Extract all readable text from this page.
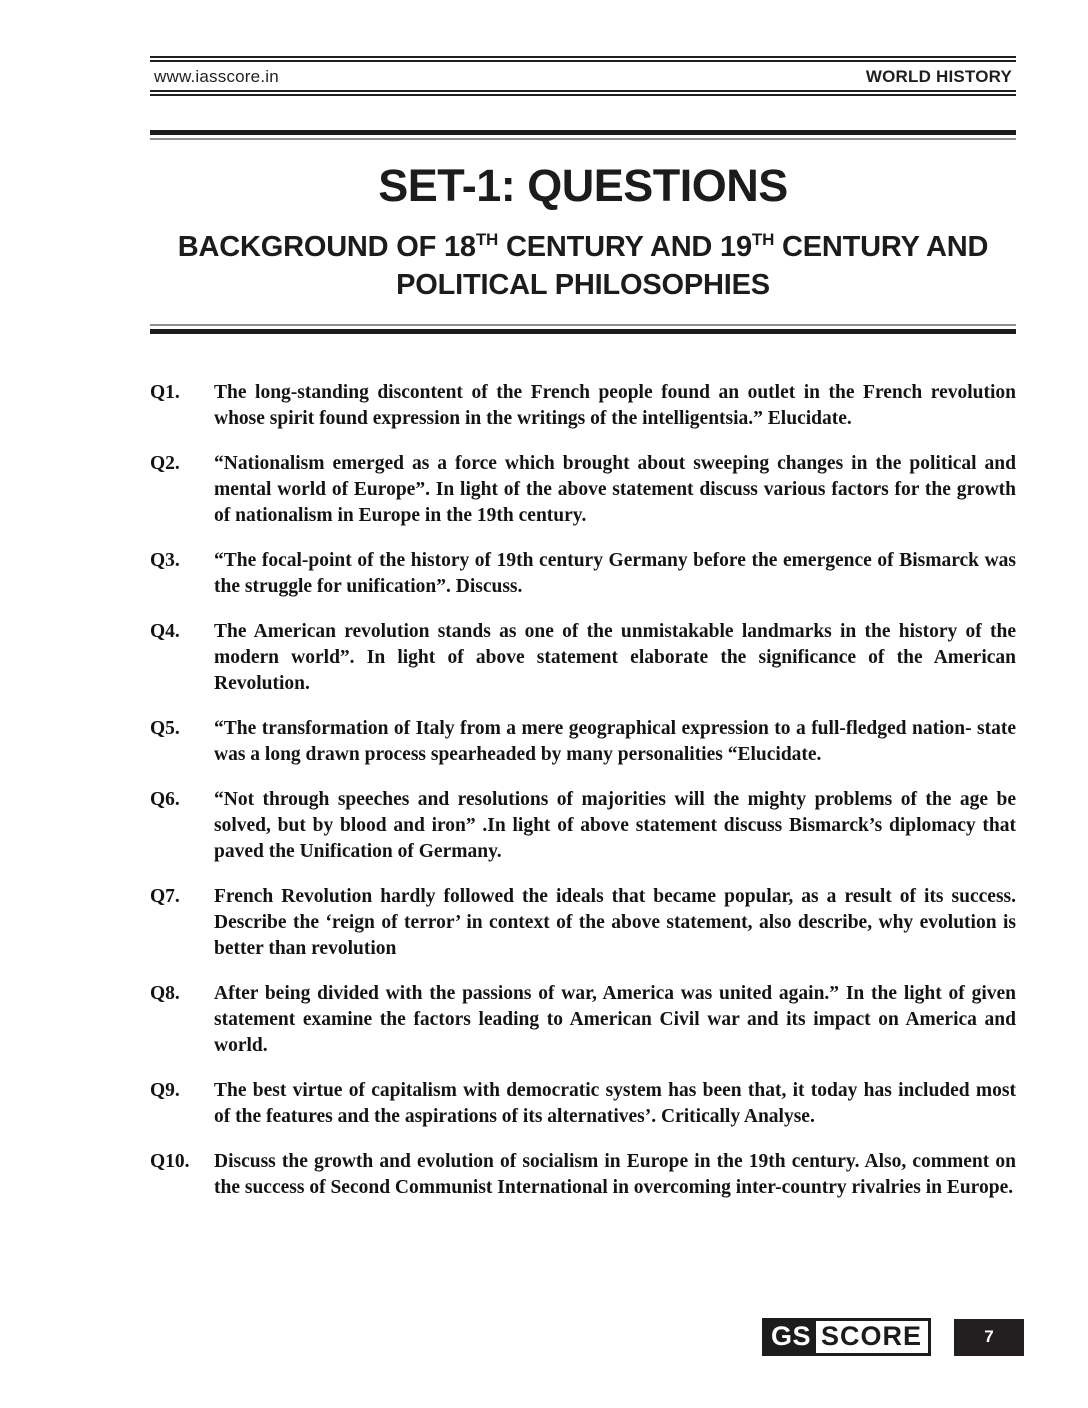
www.iasscore.in	WORLD HISTORY
SET-1: QUESTIONS
BACKGROUND OF 18TH CENTURY AND 19TH CENTURY AND POLITICAL PHILOSOPHIES
Q1.	The long-standing discontent of the French people found an outlet in the French revolution whose spirit found expression in the writings of the intelligentsia.” Elucidate.
Q2.	“Nationalism emerged as a force which brought about sweeping changes in the political and mental world of Europe”. In light of the above statement discuss various factors for the growth of nationalism in Europe in the 19th century.
Q3.	“The focal-point of the history of 19th century Germany before the emergence of Bismarck was the struggle for unification”. Discuss.
Q4.	The American revolution stands as one of the unmistakable landmarks in the history of the modern world”. In light of above statement elaborate the significance of the American Revolution.
Q5.	“The transformation of Italy from a mere geographical expression to a full-fledged nation- state was a long drawn process spearheaded by many personalities “Elucidate.
Q6.	“Not through speeches and resolutions of majorities will the mighty problems of the age be solved, but by blood and iron” .In light of above statement discuss Bismarck’s diplomacy that paved the Unification of Germany.
Q7.	French Revolution hardly followed the ideals that became popular, as a result of its success. Describe the ‘reign of terror’ in context of the above statement, also describe, why evolution is better than revolution
Q8.	After being divided with the passions of war, America was united again.” In the light of given statement examine the factors leading to American Civil war and its impact on America and world.
Q9.	The best virtue of capitalism with democratic system has been that, it today has included most of the features and the aspirations of its alternatives’. Critically Analyse.
Q10.	Discuss the growth and evolution of socialism in Europe in the 19th century. Also, comment on the success of Second Communist International in overcoming inter-country rivalries in Europe.
GS SCORE	7
